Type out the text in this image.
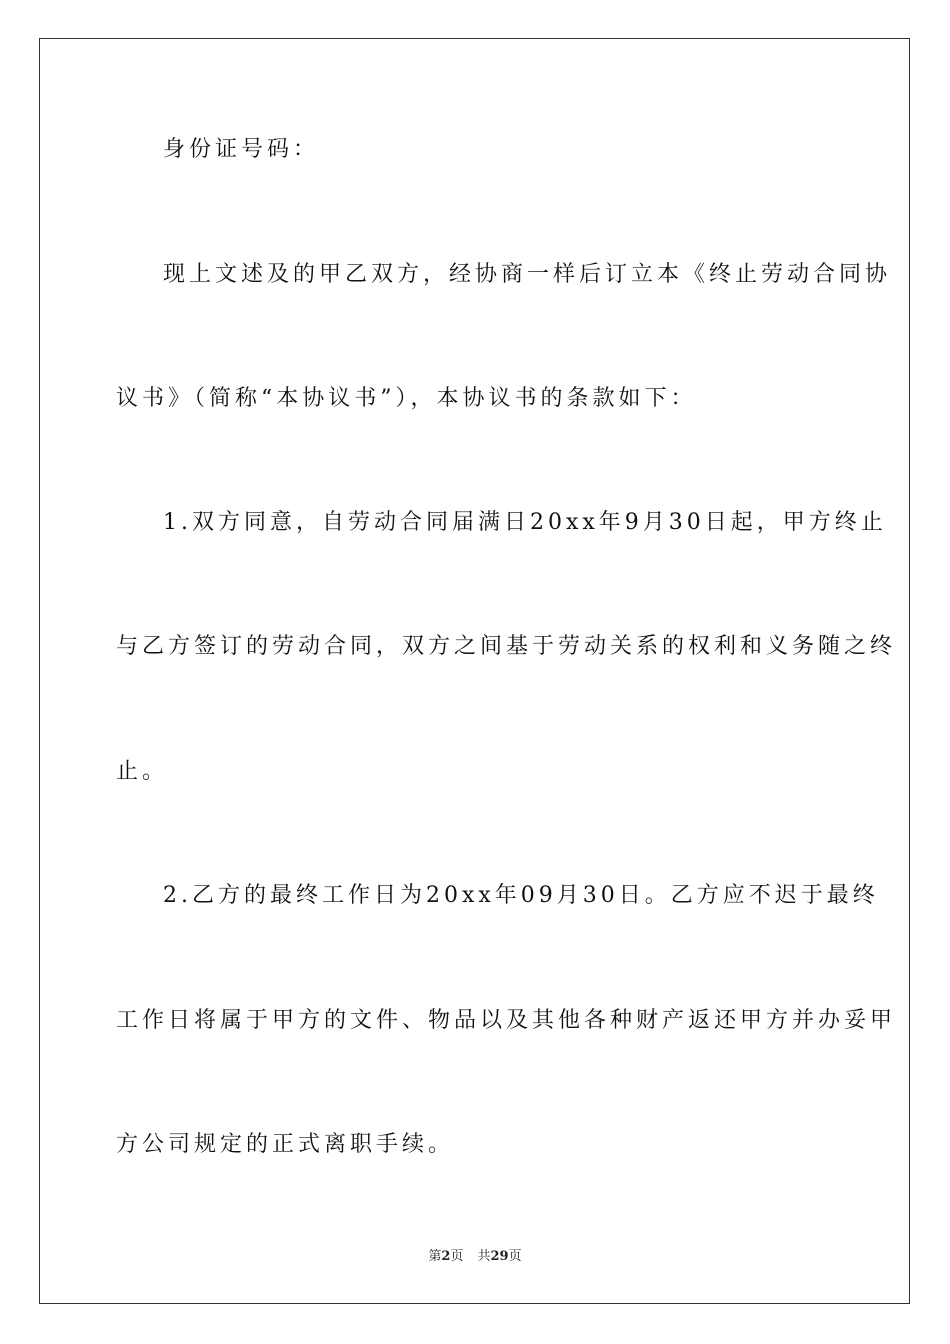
身份证号码：
现上文述及的甲乙双方，经协商一样后订立本《终止劳动合同协
议书》（简称“本协议书”），本协议书的条款如下：
1.双方同意，自劳动合同届满日20xx年9月30日起，甲方终止
与乙方签订的劳动合同，双方之间基于劳动关系的权利和义务随之终
止。
2.乙方的最终工作日为20xx年09月30日。乙方应不迟于最终
工作日将属于甲方的文件、物品以及其他各种财产返还甲方并办妥甲
方公司规定的正式离职手续。
第2页 共29页
